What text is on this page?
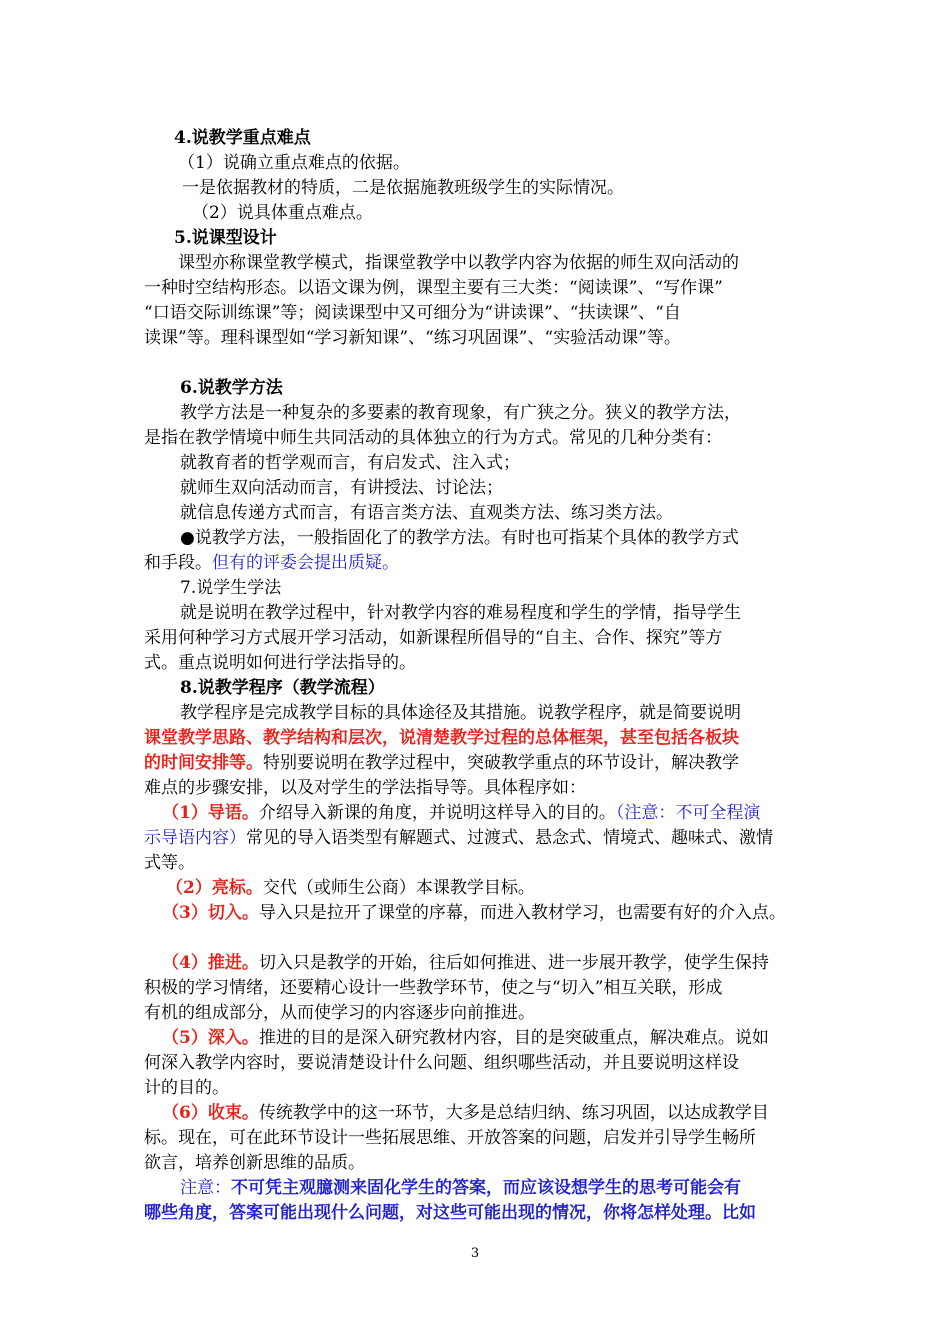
4.说教学重点难点
（1）说确立重点难点的依据。
一是依据教材的特质，二是依据施教班级学生的实际情况。
（2）说具体重点难点。
5.说课型设计
课型亦称课堂教学模式，指课堂教学中以教学内容为依据的师生双向活动的
一种时空结构形态。以语文课为例，课型主要有三大类：“阅读课”、“写作课”
“口语交际训练课”等；阅读课型中又可细分为“讲读课”、“扶读课”、“自
读课”等。理科课型如“学习新知课”、“练习巩固课”、“实验活动课”等。
6.说教学方法
教学方法是一种复杂的多要素的教育现象，有广狭之分。狭义的教学方法，
是指在教学情境中师生共同活动的具体独立的行为方式。常见的几种分类有：
就教育者的哲学观而言，有启发式、注入式；
就师生双向活动而言，有讲授法、讨论法；
就信息传递方式而言，有语言类方法、直观类方法、练习类方法。
●说教学方法，一般指固化了的教学方法。有时也可指某个具体的教学方式
和手段。但有的评委会提出质疑。
7.说学生学法
就是说明在教学过程中，针对教学内容的难易程度和学生的学情，指导学生
采用何种学习方式展开学习活动，如新课程所倡导的“自主、合作、探究”等方
式。重点说明如何进行学法指导的。
8.说教学程序（教学流程）
教学程序是完成教学目标的具体途径及其措施。说教学程序，就是简要说明
课堂教学思路、教学结构和层次，说清楚教学过程的总体框架，甚至包括各板块
的时间安排等。特别要说明在教学过程中，突破教学重点的环节设计，解决教学
难点的步骤安排，以及对学生的学法指导等。具体程序如：
（1）导语。介绍导入新课的角度，并说明这样导入的目的。（注意：不可全程演
示导语内容）常见的导入语类型有解题式、过渡式、悬念式、情境式、趣味式、激情
式等。
（2）亮标。交代（或师生公商）本课教学目标。
（3）切入。导入只是拉开了课堂的序幕，而进入教材学习，也需要有好的介入点。
（4）推进。切入只是教学的开始，往后如何推进、进一步展开教学，使学生保持
积极的学习情绪，还要精心设计一些教学环节，使之与“切入”相互关联，形成
有机的组成部分，从而使学习的内容逐步向前推进。
（5）深入。推进的目的是深入研究教材内容，目的是突破重点，解决难点。说如
何深入教学内容时，要说清楚设计什么问题、组织哪些活动，并且要说明这样设
计的目的。
（6）收束。传统教学中的这一环节，大多是总结归纳、练习巩固，以达成教学目
标。现在，可在此环节设计一些拓展思维、开放答案的问题，启发并引导学生畅所
欲言，培养创新思维的品质。
注意：不可凭主观臆测来固化学生的答案，而应该设想学生的思考可能会有
哪些角度，答案可能出现什么问题，对这些可能出现的情况，你将怎样处理。比如
3
